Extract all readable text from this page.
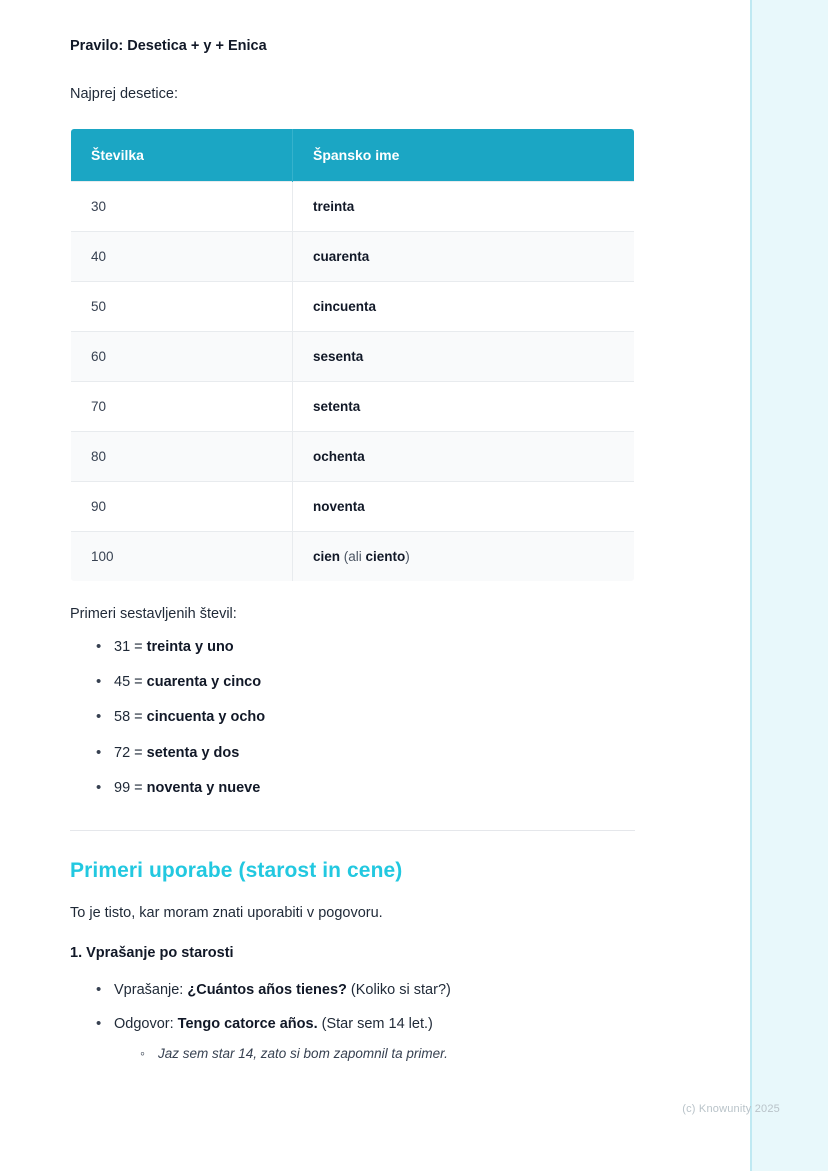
(c) Knowunity 2025

Pravilo: Desetica + y + Enica

Najprej desetice:

Številka	Špansko ime
30	treinta
40	cuarenta
50	cincuenta
60	sesenta
70	setenta
80	ochenta
90	noventa
100	cien (ali ciento)

Primeri sestavljenih števil:

• 31 = treinta y uno
• 45 = cuarenta y cinco
• 58 = cincuenta y ocho
• 72 = setenta y dos
• 99 = noventa y nueve
Primeri uporabe (starost in cene)

To je tisto, kar moram znati uporabiti v pogovoru.

1. Vprašanje po starosti

• Vprašanje: ¿Cuántos años tienes? (Koliko si star?)
• Odgovor: Tengo catorce años. (Star sem 14 let.)
◦ Jaz sem star 14, zato si bom zapomnil ta primer.
